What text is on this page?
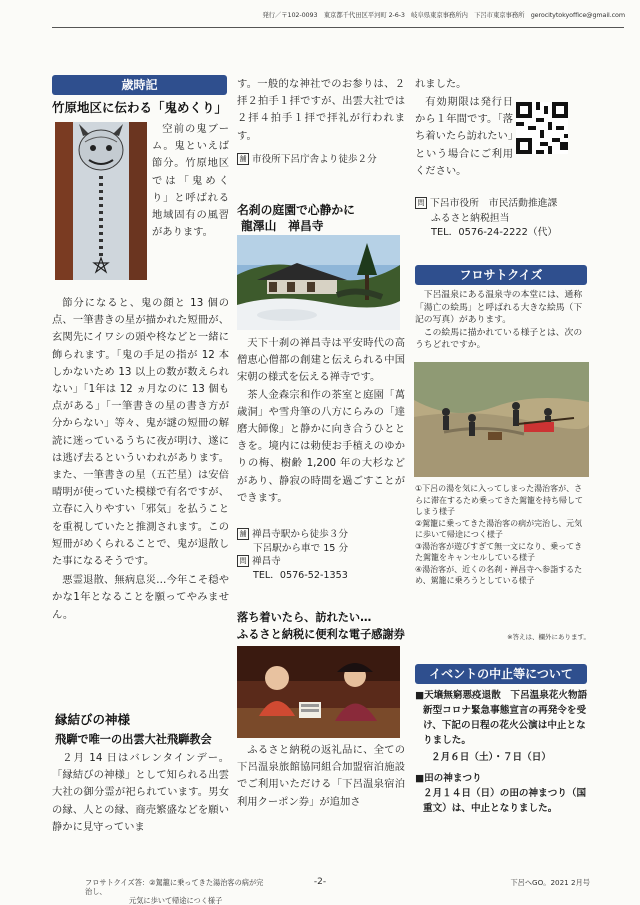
発行／〒102-0093　東京都千代田区平河町 2-6-3　岐阜県東京事務所内　下呂市東京事務所　gerocitytokyoffice@gmail.com
歳時記
竹原地区に伝わる「鬼めくり」

空前の鬼ブーム。鬼といえば節分。竹原地区では「鬼めくり」と呼ばれる地域固有の風習があります。

節分になると、鬼の顔と 13 個の点、一筆書きの星が描かれた短冊が、玄関先にイワシの頭や柊などと一緒に飾られます。「鬼の手足の指が 12 本しかないため 13 以上の数が数えられない」「1年は 12 ヵ月なのに 13 個も点がある」「一筆書きの星の書き方が分からない」等々、鬼が謎の短冊の解読に迷っているうちに夜が明け、遂には逃げ去るといういわれがあります。また、一筆書きの星（五芒星）は安倍晴明が使っていた模様で有名ですが、立春に入りやすい「邪気」を払うことを重視していたと推測されます。この短冊がめくられることで、鬼が退散した事になるそうです。

悪霊退散、無病息災…今年こそ穏やかな1年となることを願ってやみません。

縁結びの神様
飛騨で唯一の出雲大社飛騨教会

２月 14 日はバレンタインデー。「縁結びの神様」として知られる出雲大社の御分霊が祀られています。男女の縁、人との縁、商売繁盛などを願い静かに見守っていま

す。一般的な神社でのお参りは、２拝２拍手１拝ですが、出雲大社では２拝４拍手１拝で拝礼が行われます。

舗 市役所下呂庁舎より徒歩２分
名刹の庭園で心静かに
龍澤山　禅昌寺

天下十刹の禅昌寺は平安時代の高僧恵心僧都の創建と伝えられる中国宋朝の様式を伝える禅寺です。

茶人金森宗和作の茶室と庭園「萬歳洞」や雪舟筆の八方にらみの「達磨大師像」と静かに向き合うひとときを。境内には勅使お手植えのゆかりの梅、樹齢 1,200 年の大杉などがあり、静寂の時間を過ごすことができます。

舗 禅昌寺駅から徒歩３分
下呂駅から車で 15 分
問 禅昌寺
TEL．0576-52-1353
落ち着いたら、訪れたい…
ふるさと納税に便利な電子感謝券

ふるさと納税の返礼品に、全ての下呂温泉旅館協同組合加盟宿泊施設でご利用いただける「下呂温泉宿泊利用クーポン券」が追加さ

れました。

有効期限は発行日から１年間です。「落ち着いたら訪れたい」という場合にご利用ください。

問 下呂市役所　市民活動推進課
ふるさと納税担当
TEL．0576-24-2222（代）
フロサトクイズ

下呂温泉にある温泉寺の本堂には、通称「湯亡の絵馬」と呼ばれる大きな絵馬（下記の写真）があります。

この絵馬に描かれている様子とは、次のうちどれですか。

①下呂の湯を気に入ってしまった湯治客が、さらに滞在するため乗ってきた駕籠を持ち帰してしまう様子
②駕籠に乗ってきた湯治客の病が完治し、元気に歩いて帰途につく様子
③湯治客が遊びすぎて無一文になり、乗ってきた駕籠をキャンセルしている様子
④湯治客が、近くの名刹・禅昌寺へ参詣するため、駕籠に乗ろうとしている様子
※答えは、欄外にあります。
イベントの中止等について
■天壌無窮悪疫退散　下呂温泉花火物語
新型コロナ緊急事態宣言の再発令を受け、下記の日程の花火公演は中止となりました。
２月６日（土）・７日（日）
■田の神まつり
２月１４日（日）の田の神まつり（国重文）は、中止となりました。
フロサトクイズ答：②駕籠に乗ってきた湯治客の病が完治し、
元気に歩いて帰途につく様子
-2-	下呂へGO。2021 2月号
